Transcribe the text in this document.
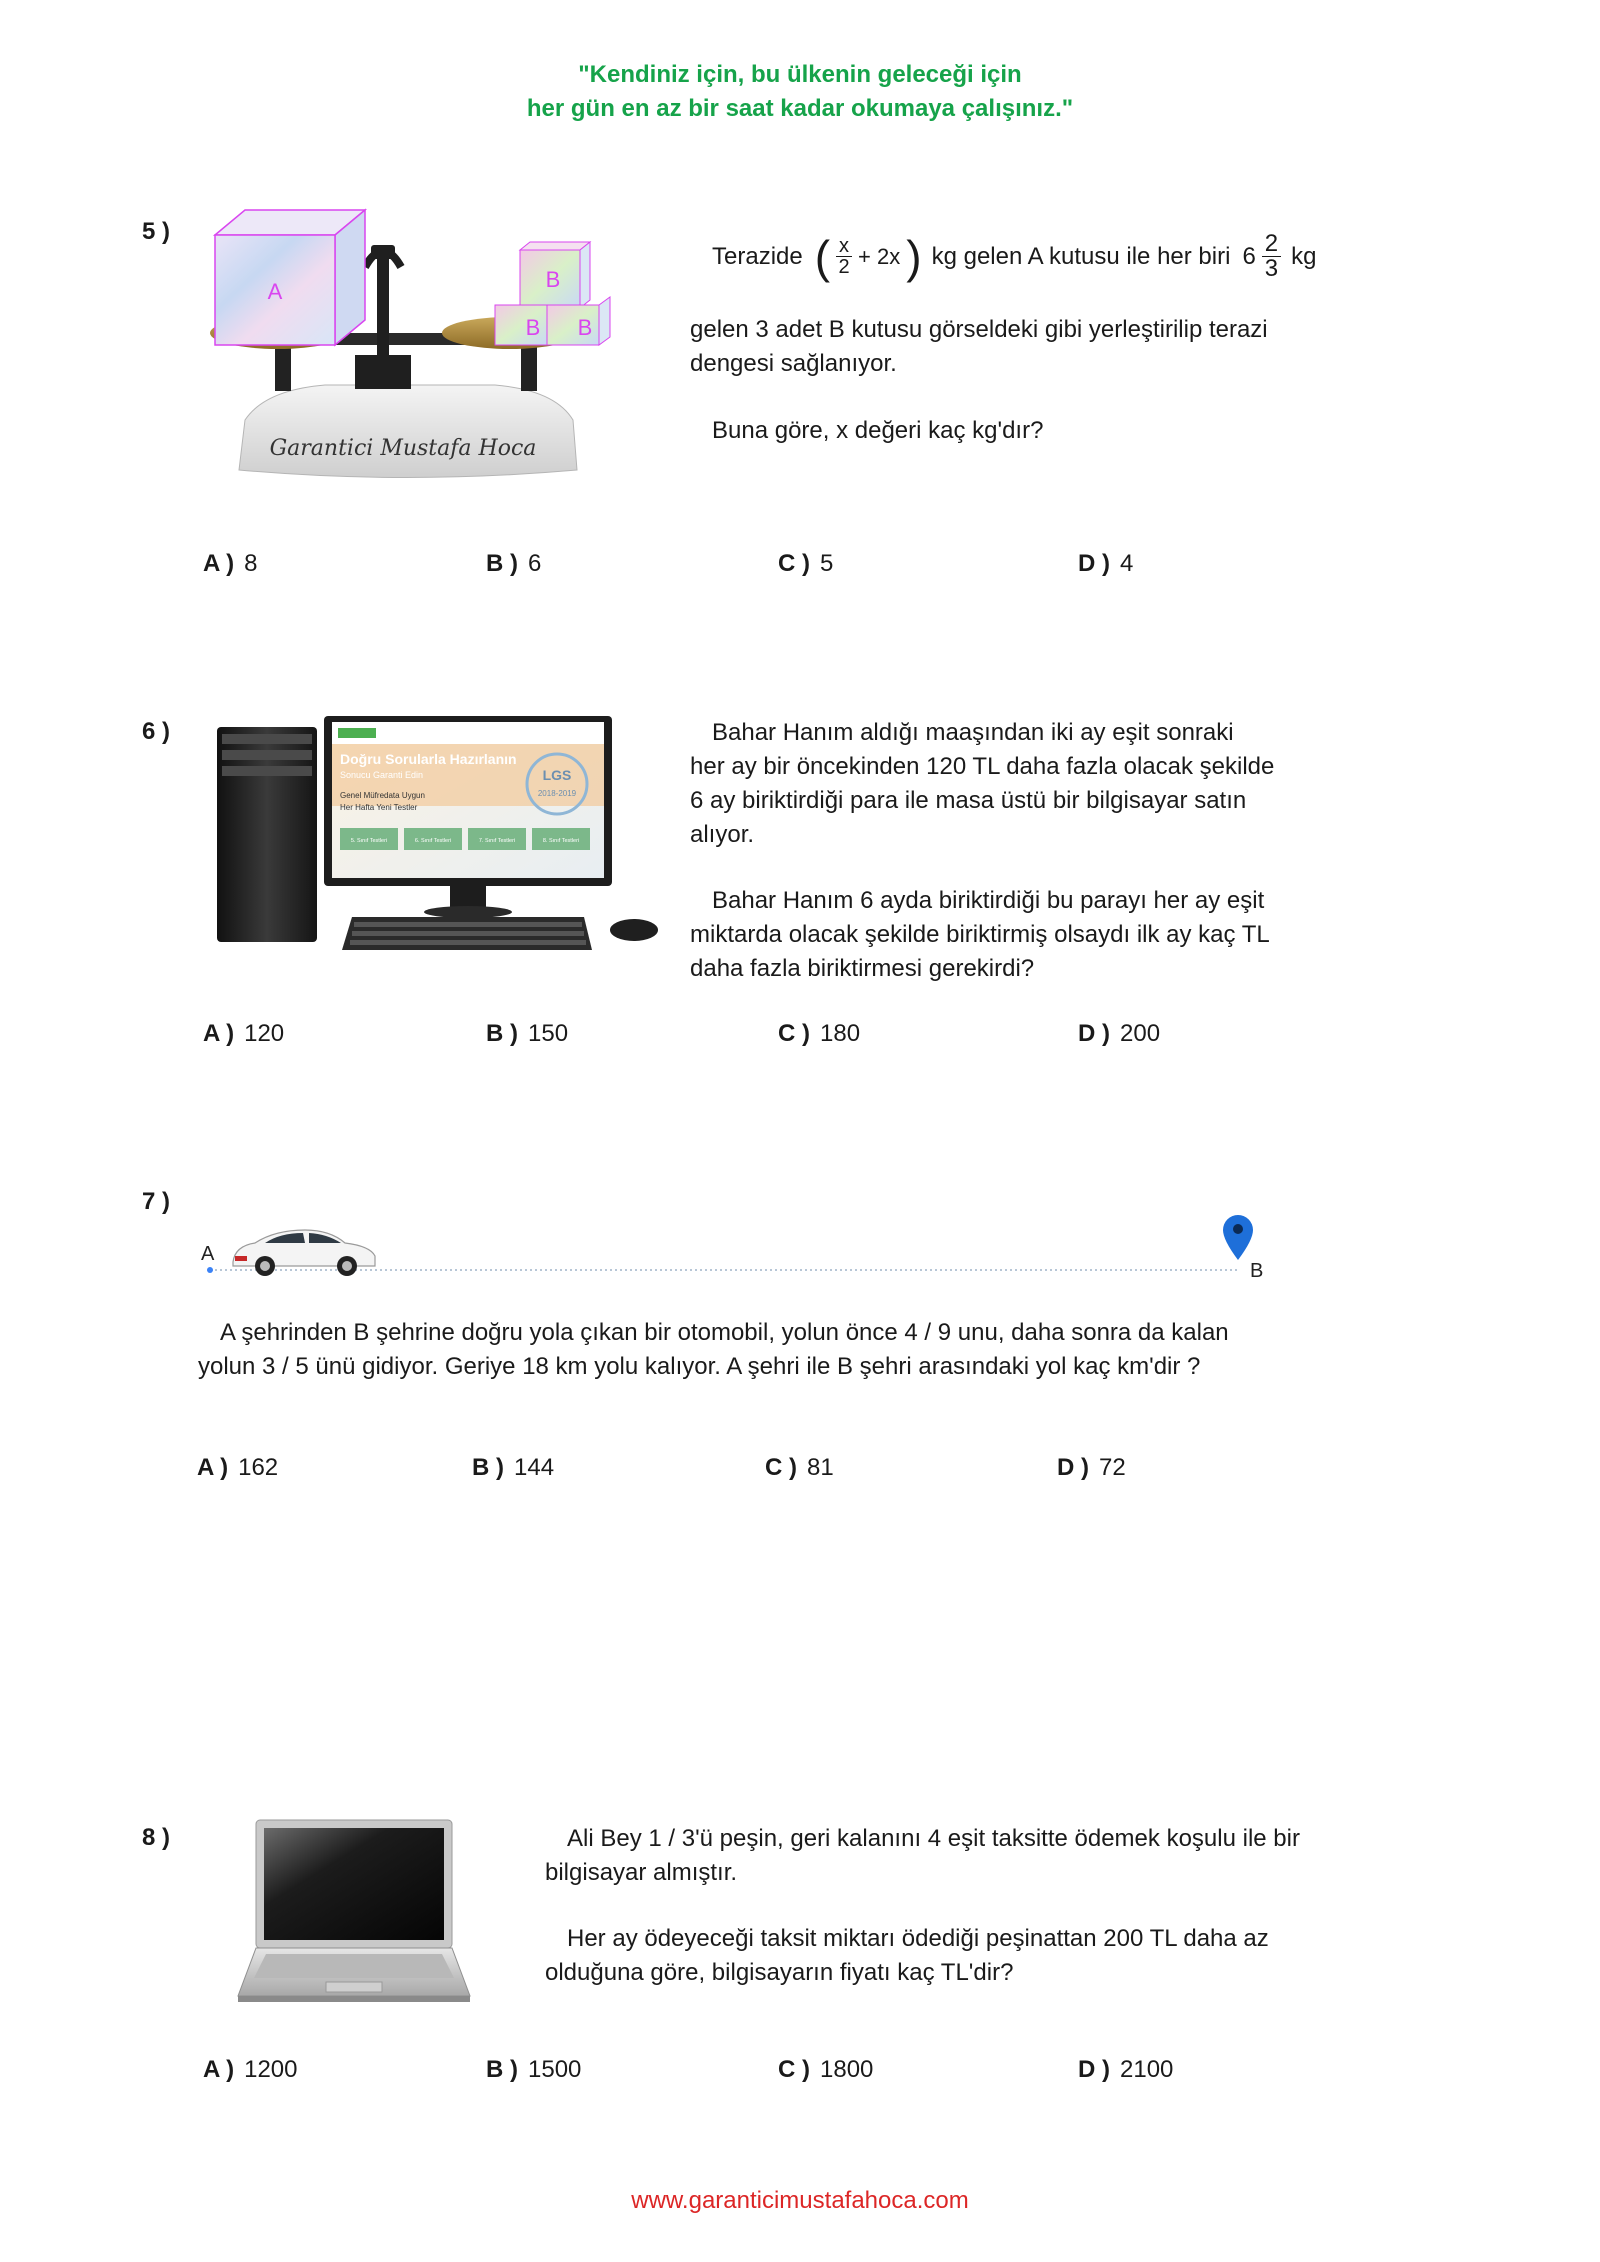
"Kendiniz için, bu ülkenin geleceği için
her gün en az bir saat kadar okumaya çalışınız."
5 )
A	B
B B
Garantici Mustafa Hoca
Terazide ( $\frac{x}{2} + 2x$ ) kg gelen A kutusu ile her biri $6 \frac{2}{3}$ kg
gelen 3 adet B kutusu görseldeki gibi yerleştirilip terazi
dengesi sağlanıyor.
Buna göre, x değeri kaç kg'dır?
A ) 8	B ) 6	C ) 5	D ) 4
6 )
Doğru Sorularla Hazırlanın
Sonucu Garanti Edin
Genel Müfredata Uygun
Her Hafta Yeni Testler
LGS
2018-2019
5. Sınıf Testleri	6. Sınıf Testleri	7. Sınıf Testleri	8. Sınıf Testleri
Bahar Hanım aldığı maaşından iki ay eşit sonraki
her ay bir öncekinden 120 TL daha fazla olacak şekilde
6 ay biriktirdiği para ile masa üstü bir bilgisayar satın
alıyor.
Bahar Hanım 6 ayda biriktirdiği bu parayı her ay eşit
miktarda olacak şekilde biriktirmiş olsaydı ilk ay kaç TL
daha fazla biriktirmesi gerekirdi?
A ) 120	B ) 150	C ) 180	D ) 200
7 )
A
B
A şehrinden B şehrine doğru yola çıkan bir otomobil, yolun önce 4 / 9 unu, daha sonra da kalan
yolun 3 / 5 ünü gidiyor. Geriye 18 km yolu kalıyor. A şehri ile B şehri arasındaki yol kaç km'dir ?
A ) 162	B ) 144	C ) 81	D ) 72
8 )	Ali Bey 1 / 3'ü peşin, geri kalanını 4 eşit taksitte ödemek koşulu ile bir
bilgisayar almıştır.
Her ay ödeyeceği taksit miktarı ödediği peşinattan 200 TL daha az
olduğuna göre, bilgisayarın fiyatı kaç TL'dir?
A ) 1200	B ) 1500	C ) 1800	D ) 2100
www.garanticimustafahoca.com
